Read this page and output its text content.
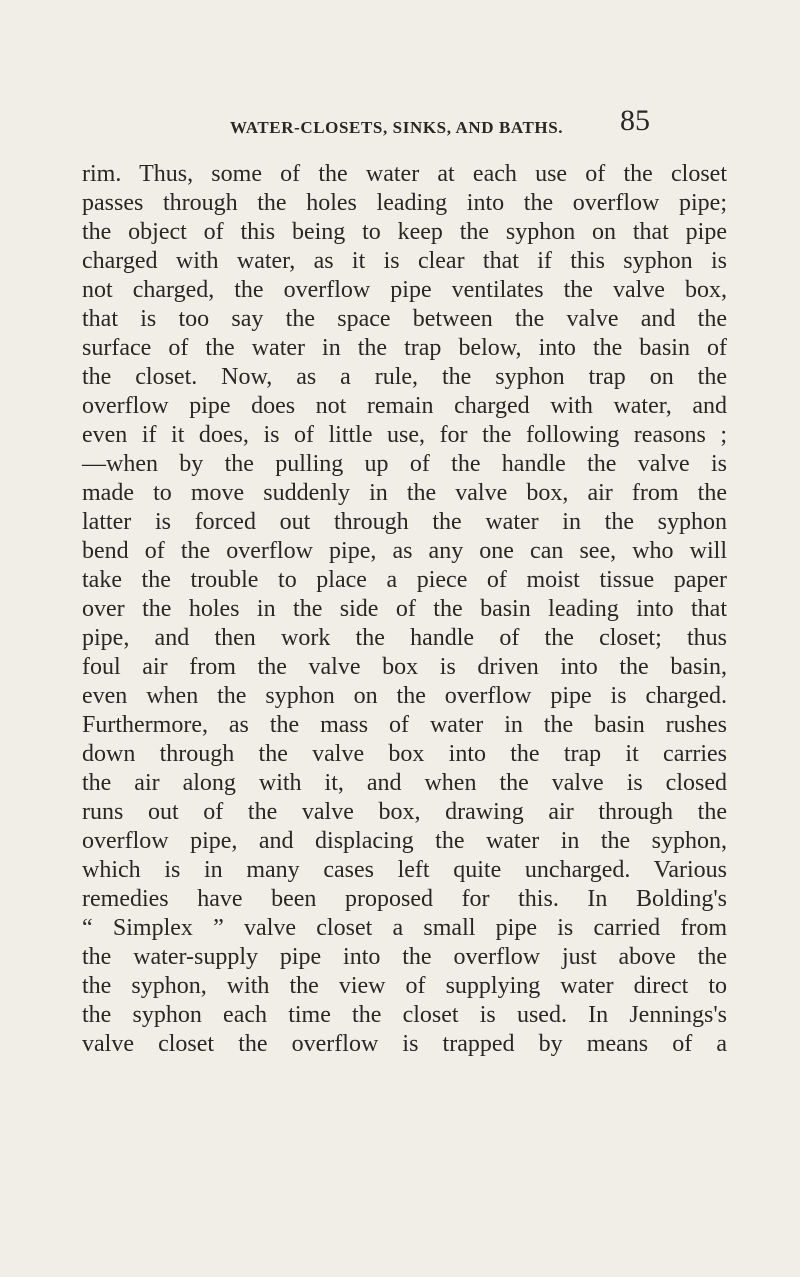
WATER-CLOSETS, SINKS, AND BATHS. 85
rim. Thus, some of the water at each use of the closet
passes through the holes leading into the overflow pipe;
the object of this being to keep the syphon on that pipe
charged with water, as it is clear that if this syphon is
not charged, the overflow pipe ventilates the valve box,
that is too say the space between the valve and the
surface of the water in the trap below, into the basin of
the closet. Now, as a rule, the syphon trap on the
overflow pipe does not remain charged with water, and
even if it does, is of little use, for the following reasons ;
—when by the pulling up of the handle the valve is
made to move suddenly in the valve box, air from the
latter is forced out through the water in the syphon
bend of the overflow pipe, as any one can see, who will
take the trouble to place a piece of moist tissue paper
over the holes in the side of the basin leading into that
pipe, and then work the handle of the closet; thus
foul air from the valve box is driven into the basin,
even when the syphon on the overflow pipe is charged.
Furthermore, as the mass of water in the basin rushes
down through the valve box into the trap it carries
the air along with it, and when the valve is closed
runs out of the valve box, drawing air through the
overflow pipe, and displacing the water in the syphon,
which is in many cases left quite uncharged. Various
remedies have been proposed for this. In Bolding's
“ Simplex ” valve closet a small pipe is carried from
the water-supply pipe into the overflow just above the
the syphon, with the view of supplying water direct to
the syphon each time the closet is used. In Jennings's
valve closet the overflow is trapped by means of a
